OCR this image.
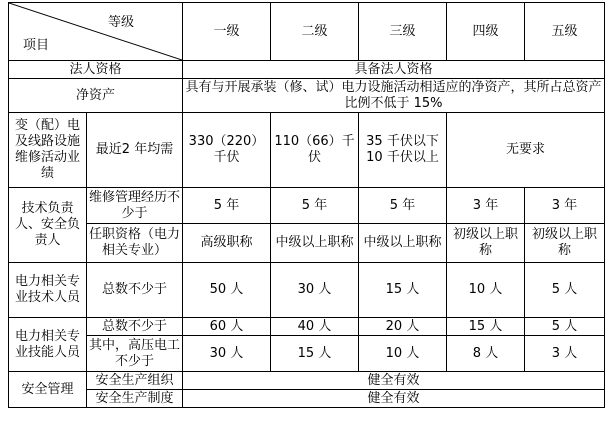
等级
项目		一级	二级	三级	四级	五级
法人资格		具备法人资格				
净资产		具有与开展承装（修、试）电力设施活动相适应的净资产，其所占总资产比例不低于 15%				
变（配）电及线路设施维修活动业绩	最近2 年均需	330（220）千伏	110（66）千伏	35 千伏以下 10 千伏以上	无要求	
技术负责人、安全负责人	维修管理经历不少于	5 年	5 年	5 年	3 年	3 年
	任职资格（电力相关专业）	高级职称	中级以上职称	中级以上职称	初级以上职称	初级以上职称
电力相关专业技术人员	总数不少于	50 人	30 人	15 人	10 人	5 人
电力相关专业技能人员	总数不少于	60 人	40 人	20 人	15 人	5 人
	其中，高压电工不少于	30 人	15 人	10 人	8 人	3 人
安全管理	安全生产组织	健全有效				
	安全生产制度	健全有效				
